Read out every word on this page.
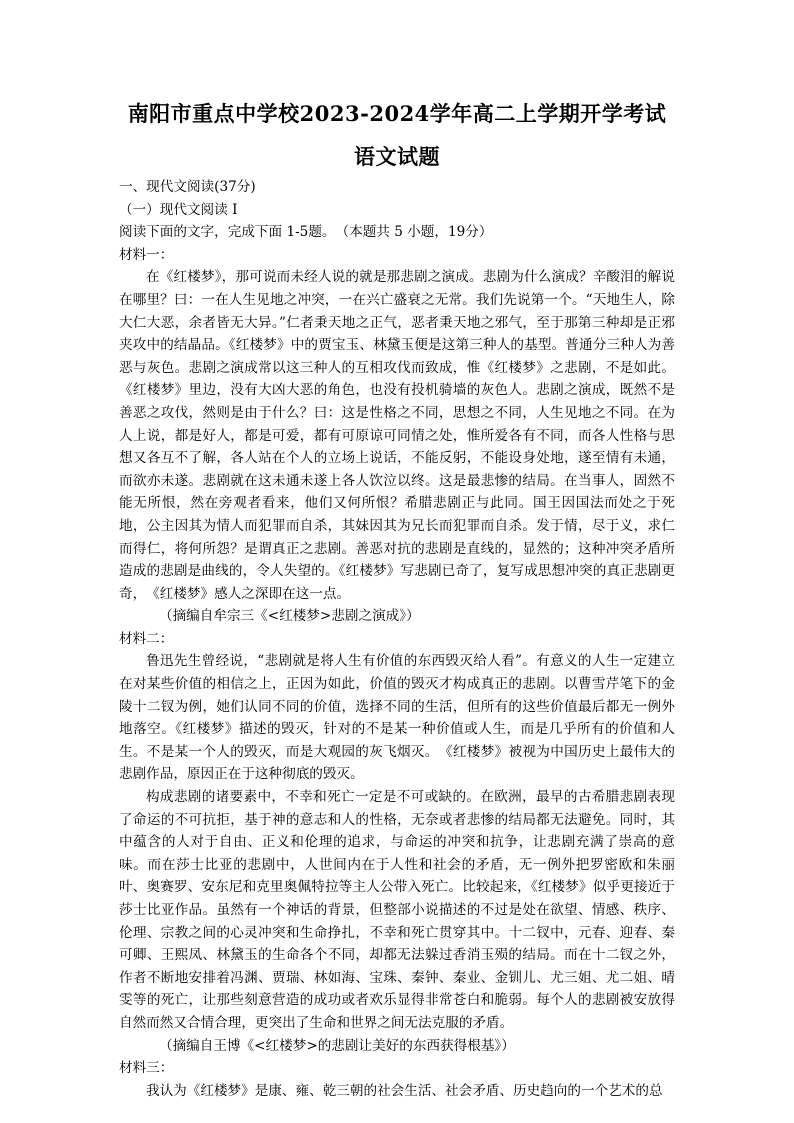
南阳市重点中学校2023-2024学年高二上学期开学考试
语文试题

一、现代文阅读(37分)

（一）现代文阅读 I

阅读下面的文字，完成下面 1-5题。　（本题共 5 小题，19分）

材料一：

在《红楼梦》，那可说而未经人说的就是那悲剧之演成。悲剧为什么演成？辛酸泪的解说在哪里？曰：一在人生见地之冲突，一在兴亡盛衰之无常。我们先说第一个。“天地生人，除大仁大恶，余者皆无大异。”仁者秉天地之正气，恶者秉天地之邪气，至于那第三种却是正邪夹攻中的结晶品。《红楼梦》中的贾宝玉、林黛玉便是这第三种人的基型。普通分三种人为善恶与灰色。悲剧之演成常以这三种人的互相攻伐而致成，惟《红楼梦》之悲剧，不是如此。《红楼梦》里边，没有大凶大恶的角色，也没有投机骑墙的灰色人。悲剧之演成，既然不是善恶之攻伐，然则是由于什么？曰：这是性格之不同，思想之不同，人生见地之不同。在为人上说，都是好人，都是可爱，都有可原谅可同情之处，惟所爱各有不同，而各人性格与思想又各互不了解，各人站在个人的立场上说话，不能反躬，不能设身处地，遂至情有未通，而欲亦未遂。悲剧就在这未通未遂上各人饮泣以终。这是最悲惨的结局。在当事人，固然不能无所恨，然在旁观者看来，他们又何所恨？希腊悲剧正与此同。国王因国法而处之于死地，公主因其为情人而犯罪而自杀，其妹因其为兄长而犯罪而自杀。发于情，尽于义，求仁而得仁，将何所怨？是谓真正之悲剧。善恶对抗的悲剧是直线的，显然的；这种冲突矛盾所造成的悲剧是曲线的，令人失望的。《红楼梦》写悲剧已奇了，复写成思想冲突的真正悲剧更奇，　《红楼梦》感人之深即在这一点。

（摘编自牟宗三《<红楼梦>悲剧之演成》）

材料二：

鲁迅先生曾经说，“悲剧就是将人生有价值的东西毁灭给人看”。有意义的人生一定建立在对某些价值的相信之上，正因为如此，价值的毁灭才构成真正的悲剧。以曹雪芹笔下的金陵十二钗为例，她们认同不同的价值，选择不同的生活，但所有的这些价值最后都无一例外地落空。《红楼梦》描述的毁灭，针对的不是某一种价值或人生，而是几乎所有的价值和人生。不是某一个人的毁灭，而是大观园的灰飞烟灭。　《红楼梦》被视为中国历史上最伟大的悲剧作品，原因正在于这种彻底的毁灭。

构成悲剧的诸要素中，不幸和死亡一定是不可或缺的。在欧洲，最早的古希腊悲剧表现了命运的不可抗拒，基于神的意志和人的性格，无奈或者悲惨的结局都无法避免。同时，其中蕴含的人对于自由、正义和伦理的追求，与命运的冲突和抗争，让悲剧充满了崇高的意味。而在莎士比亚的悲剧中，人世间内在于人性和社会的矛盾，无一例外把罗密欧和朱丽叶、奥赛罗、安东尼和克里奥佩特拉等主人公带入死亡。比较起来，《红楼梦》似乎更接近于莎士比亚作品。虽然有一个神话的背景，但整部小说描述的不过是处在欲望、情感、秩序、伦理、宗教之间的心灵冲突和生命挣扎，不幸和死亡贯穿其中。十二钗中，元春、迎春、秦可卿、王熙凤、林黛玉的生命各个不同，却都无法躲过香消玉殒的结局。而在十二钗之外，作者不断地安排着冯渊、贾瑞、林如海、宝珠、秦钟、秦业、金钏儿、尤三姐、尤二姐、晴雯等的死亡，让那些刻意营造的成功或者欢乐显得非常苍白和脆弱。每个人的悲剧被安放得自然而然又合情合理，更突出了生命和世界之间无法克服的矛盾。

（摘编自王博《<红楼梦>的悲剧让美好的东西获得根基》）

材料三：

我认为《红楼梦》是康、雍、乾三朝的社会生活、社会矛盾、历史趋向的一个艺术的总
